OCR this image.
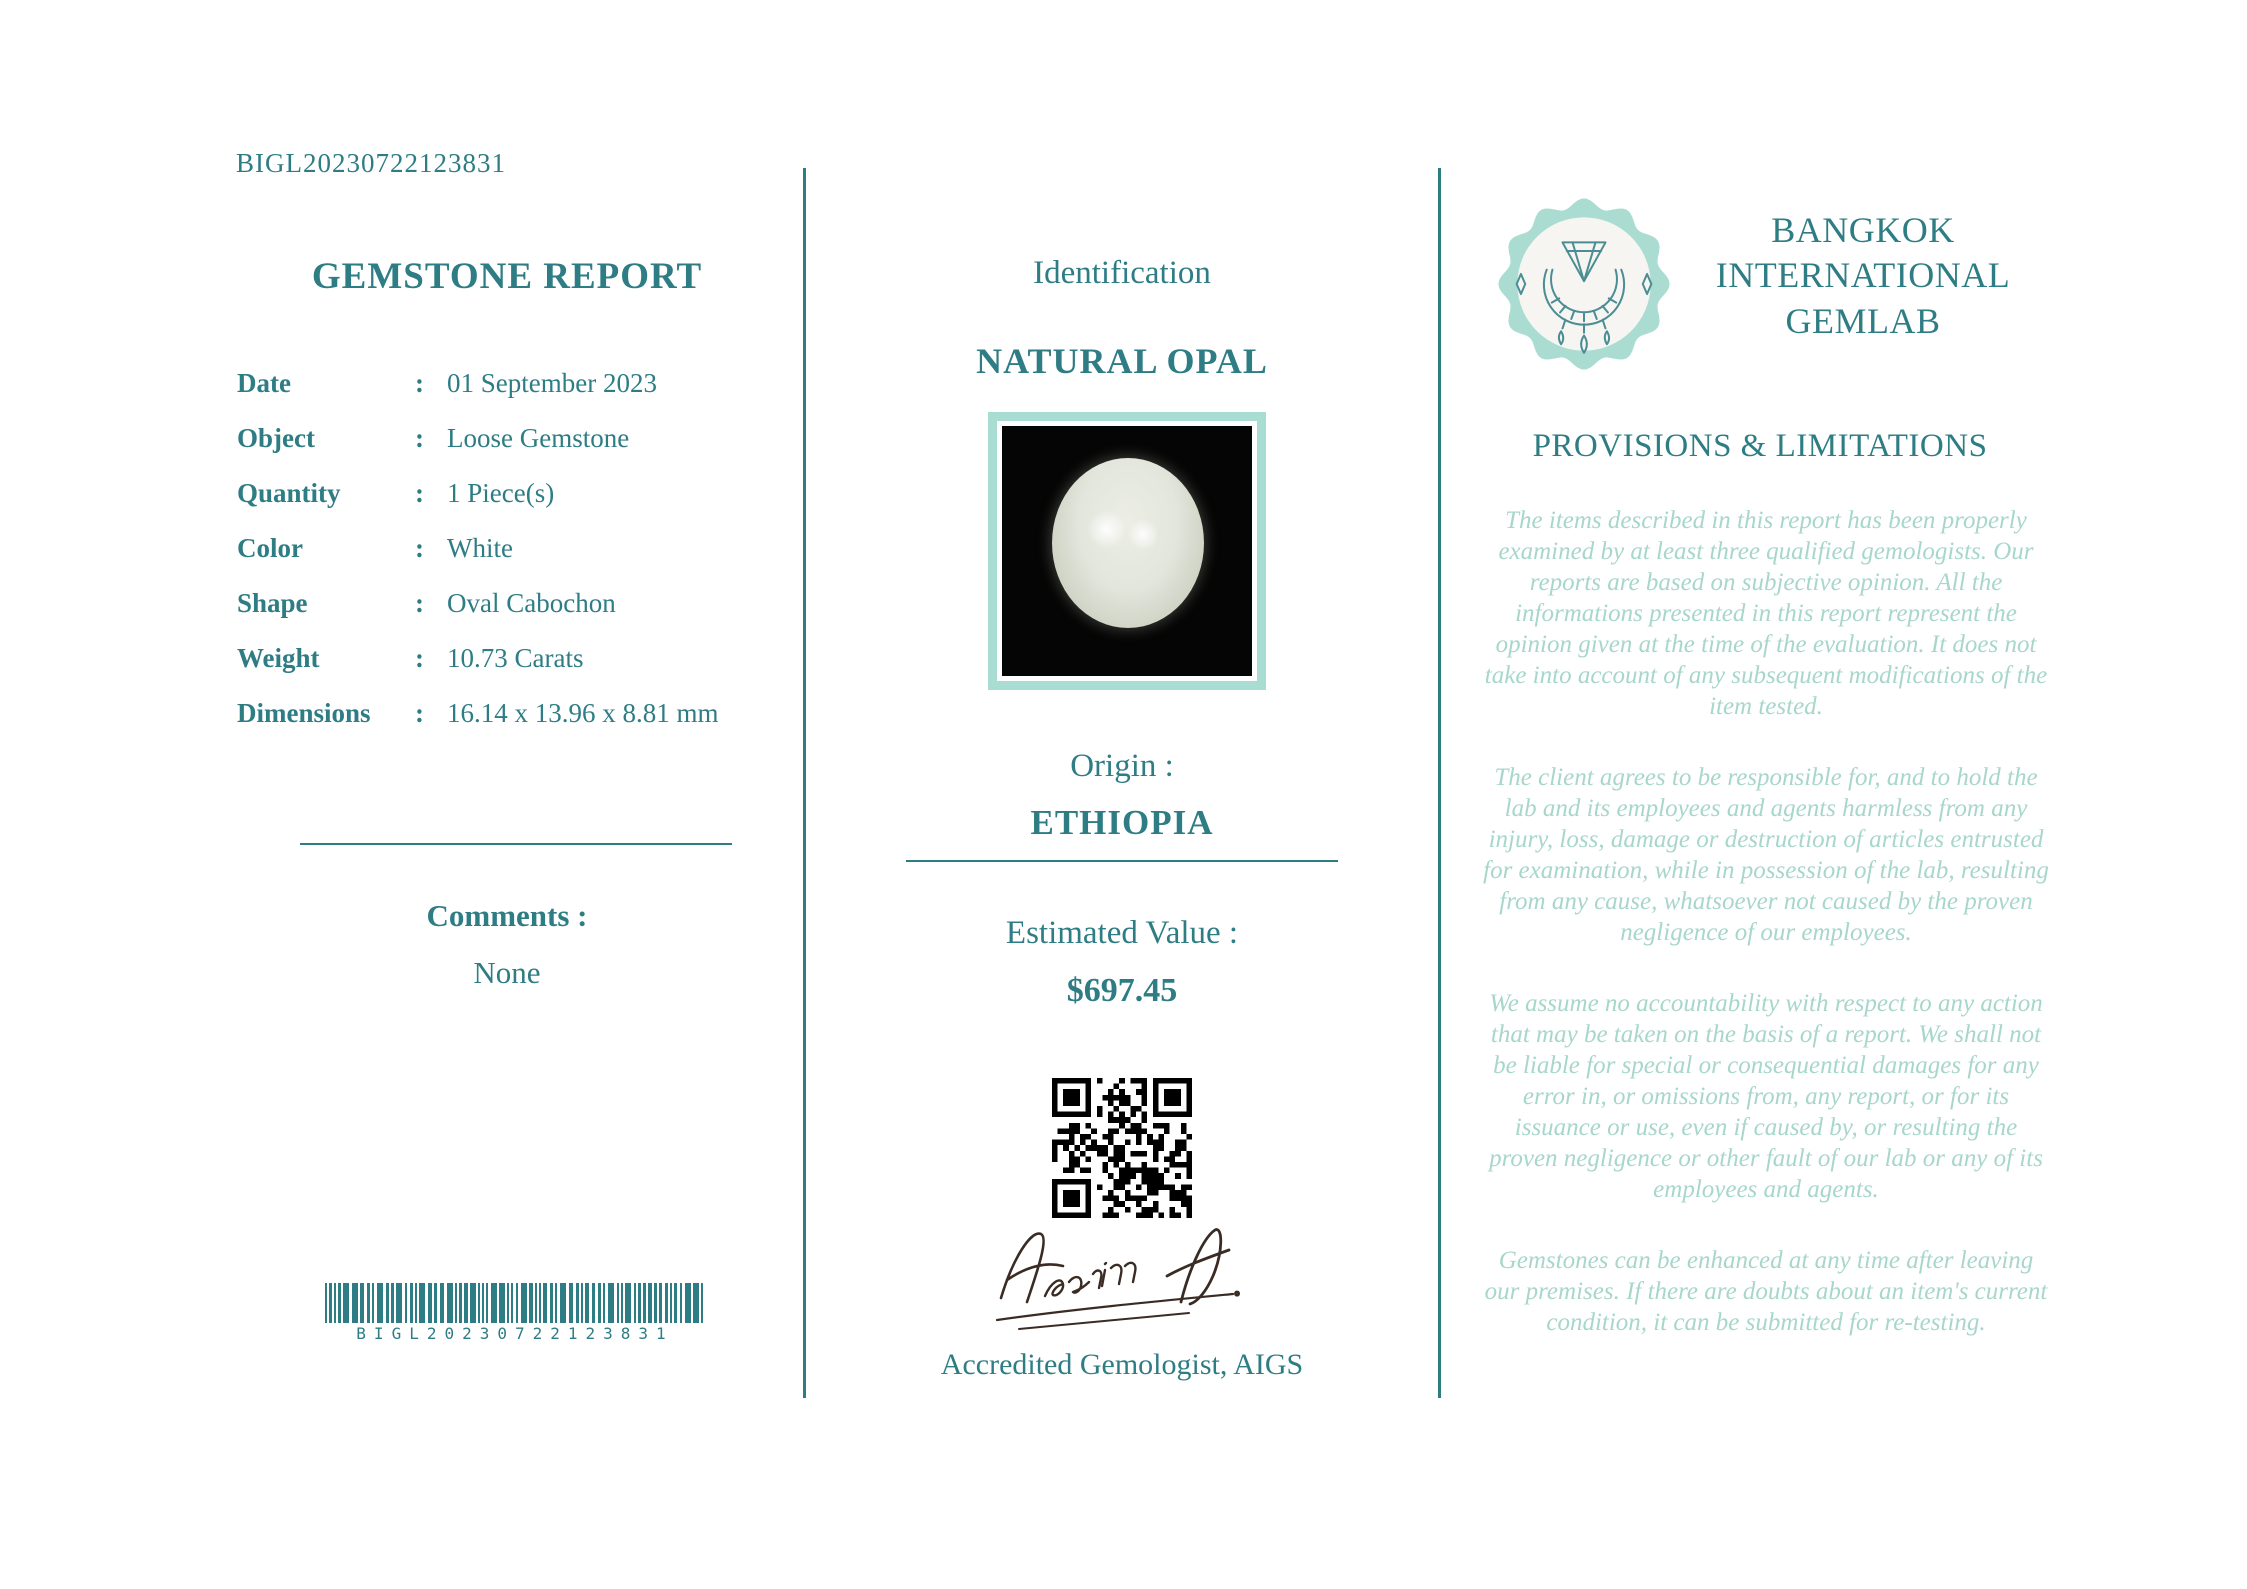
BIGL20230722123831
GEMSTONE REPORT
Date	: 01 September 2023
Object	: Loose Gemstone
Quantity	: 1 Piece(s)
Color	: White
Shape	: Oval Cabochon
Weight	: 10.73 Carats
Dimensions	: 16.14 x 13.96 x 8.81 mm
Comments :
None
BIGL20230722123831
Identification
NATURAL OPAL
Origin :
ETHIOPIA
Estimated Value :
$697.45
Accredited Gemologist, AIGS
BANGKOK
INTERNATIONAL
GEMLAB
PROVISIONS & LIMITATIONS

The items described in this report has been properly examined by at least three qualified gemologists. Our reports are based on subjective opinion. All the informations presented in this report represent the opinion given at the time of the evaluation. It does not take into account of any subsequent modifications of the item tested.

The client agrees to be responsible for, and to hold the lab and its employees and agents harmless from any injury, loss, damage or destruction of articles entrusted for examination, while in possession of the lab, resulting from any cause, whatsoever not caused by the proven negligence of our employees.

We assume no accountability with respect to any action that may be taken on the basis of a report. We shall not be liable for special or consequential damages for any error in, or omissions from, any report, or for its issuance or use, even if caused by, or resulting the proven negligence or other fault of our lab or any of its employees and agents.

Gemstones can be enhanced at any time after leaving our premises. If there are doubts about an item's current condition, it can be submitted for re-testing.
